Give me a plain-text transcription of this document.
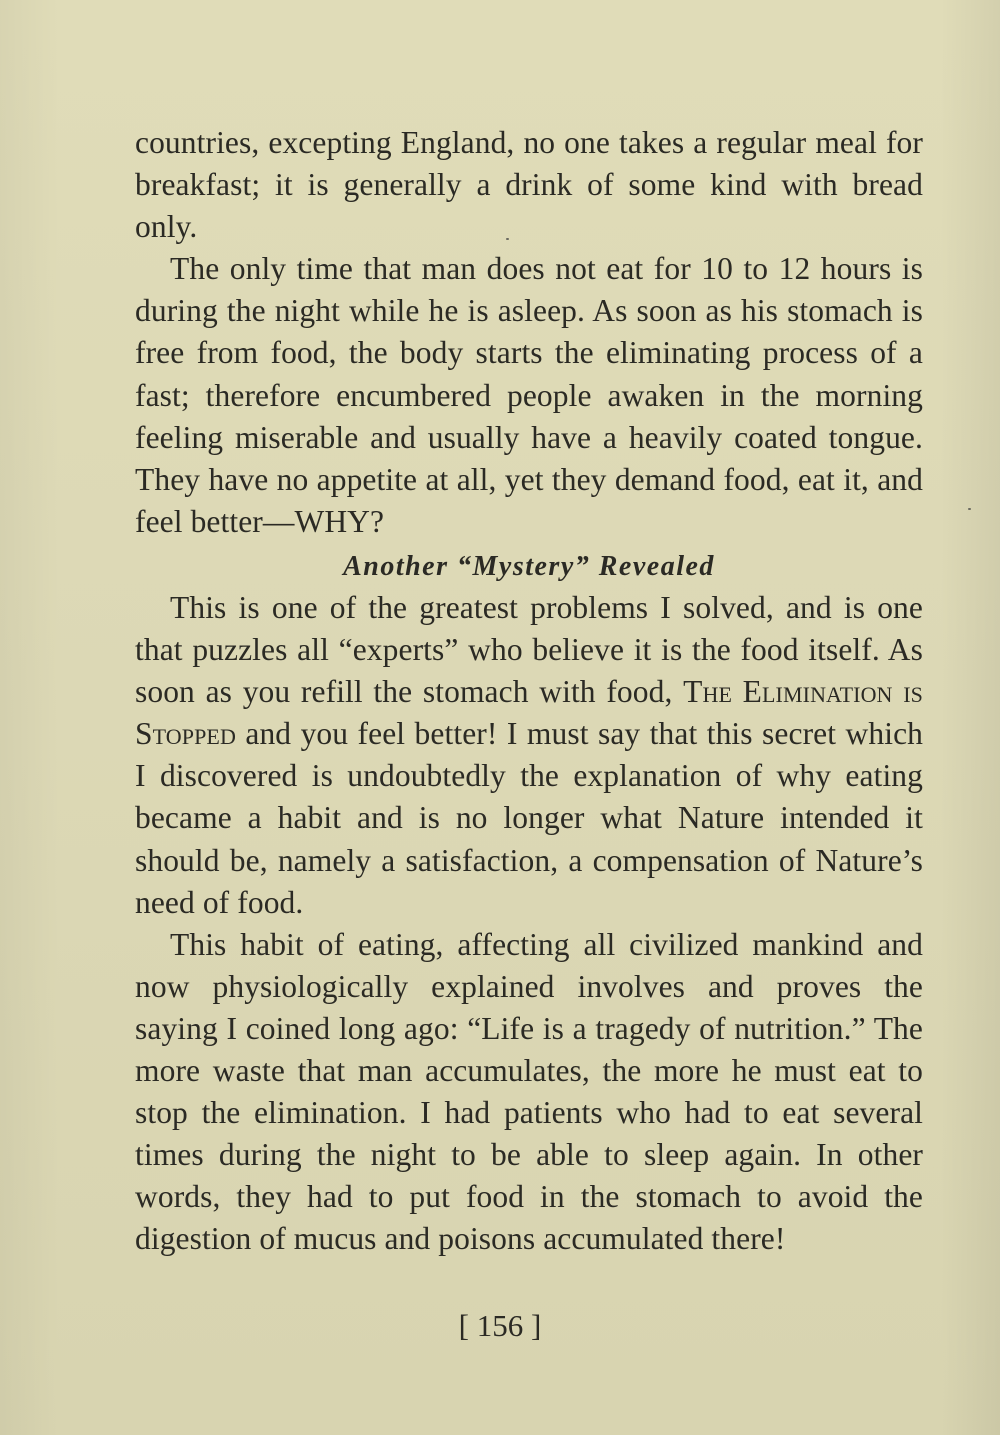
countries, excepting England, no one takes a regular meal for breakfast; it is generally a drink of some kind with bread only.

The only time that man does not eat for 10 to 12 hours is during the night while he is asleep. As soon as his stomach is free from food, the body starts the eliminating process of a fast; therefore encumbered people awaken in the morning feeling miserable and usually have a heavily coated tongue. They have no appetite at all, yet they demand food, eat it, and feel better—WHY?

Another “Mystery” Revealed

This is one of the greatest problems I solved, and is one that puzzles all “experts” who believe it is the food itself. As soon as you refill the stomach with food, The Elimination is Stopped and you feel better! I must say that this secret which I discovered is undoubtedly the explanation of why eating became a habit and is no longer what Nature intended it should be, namely a satisfaction, a compensation of Nature’s need of food.

This habit of eating, affecting all civilized mankind and now physiologically explained involves and proves the saying I coined long ago: “Life is a tragedy of nutrition.” The more waste that man accumulates, the more he must eat to stop the elimination. I had patients who had to eat several times during the night to be able to sleep again. In other words, they had to put food in the stomach to avoid the digestion of mucus and poisons accumulated there!

[ 156 ]
